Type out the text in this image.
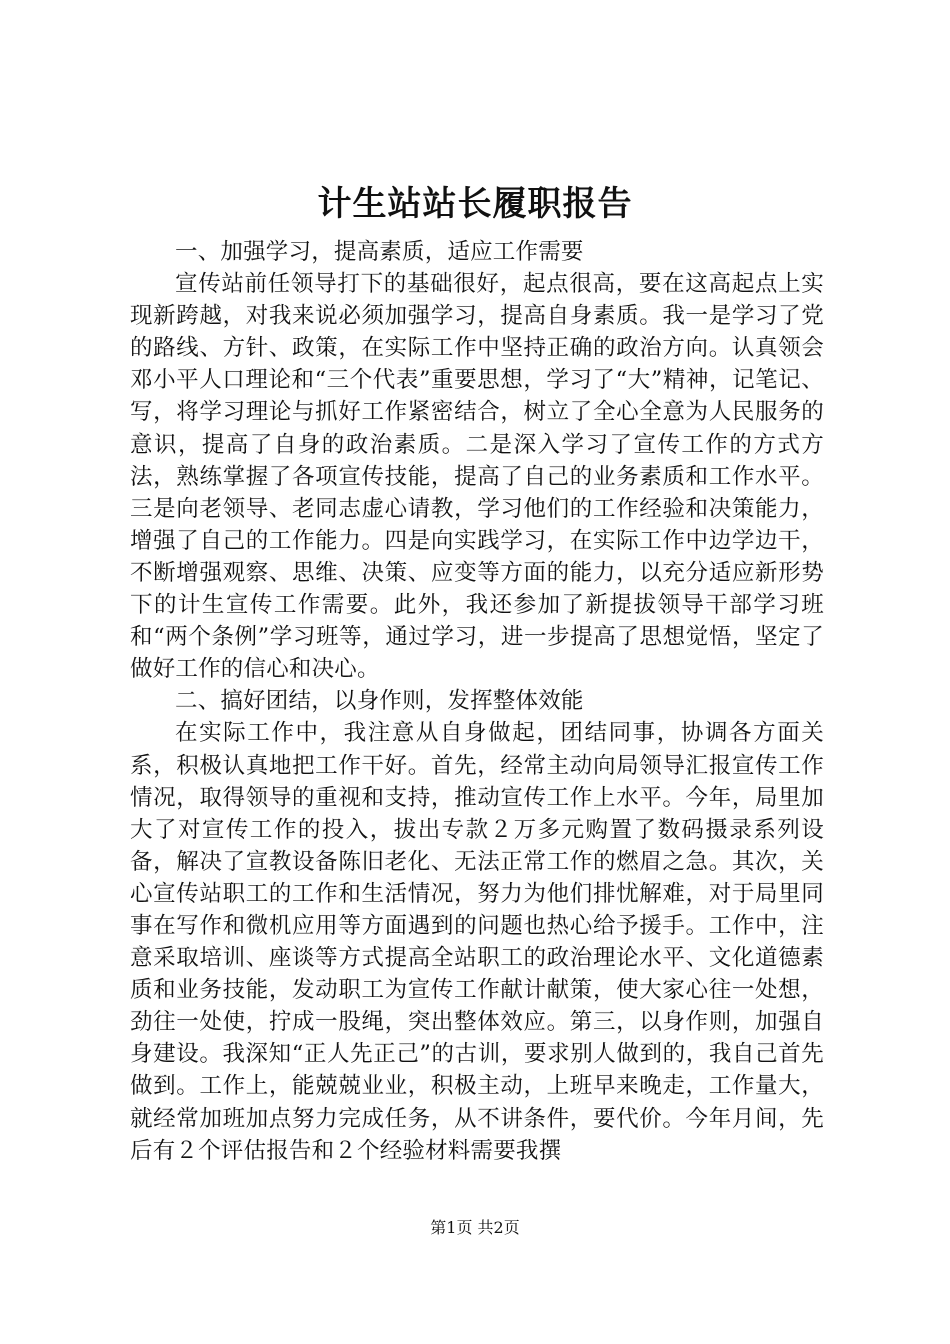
计生站站长履职报告

一、加强学习，提高素质，适应工作需要

宣传站前任领导打下的基础很好，起点很高，要在这高起点上实现新跨越，对我来说必须加强学习，提高自身素质。我一是学习了党的路线、方针、政策，在实际工作中坚持正确的政治方向。认真领会邓小平人口理论和“三个代表”重要思想，学习了“大”精神，记笔记、写，将学习理论与抓好工作紧密结合，树立了全心全意为人民服务的意识，提高了自身的政治素质。二是深入学习了宣传工作的方式方法，熟练掌握了各项宣传技能，提高了自己的业务素质和工作水平。三是向老领导、老同志虚心请教，学习他们的工作经验和决策能力，增强了自己的工作能力。四是向实践学习，在实际工作中边学边干，不断增强观察、思维、决策、应变等方面的能力，以充分适应新形势下的计生宣传工作需要。此外，我还参加了新提拔领导干部学习班和“两个条例”学习班等，通过学习，进一步提高了思想觉悟，坚定了做好工作的信心和决心。

二、搞好团结，以身作则，发挥整体效能

在实际工作中，我注意从自身做起，团结同事，协调各方面关系，积极认真地把工作干好。首先，经常主动向局领导汇报宣传工作情况，取得领导的重视和支持，推动宣传工作上水平。今年，局里加大了对宣传工作的投入，拔出专款２万多元购置了数码摄录系列设备，解决了宣教设备陈旧老化、无法正常工作的燃眉之急。其次，关心宣传站职工的工作和生活情况，努力为他们排忧解难，对于局里同事在写作和微机应用等方面遇到的问题也热心给予援手。工作中，注意采取培训、座谈等方式提高全站职工的政治理论水平、文化道德素质和业务技能，发动职工为宣传工作献计献策，使大家心往一处想，劲往一处使，拧成一股绳，突出整体效应。第三，以身作则，加强自身建设。我深知“正人先正己”的古训，要求别人做到的，我自己首先做到。工作上，能兢兢业业，积极主动，上班早来晚走，工作量大，就经常加班加点努力完成任务，从不讲条件，要代价。今年月间，先后有２个评估报告和２个经验材料需要我撰

第1页 共2页
